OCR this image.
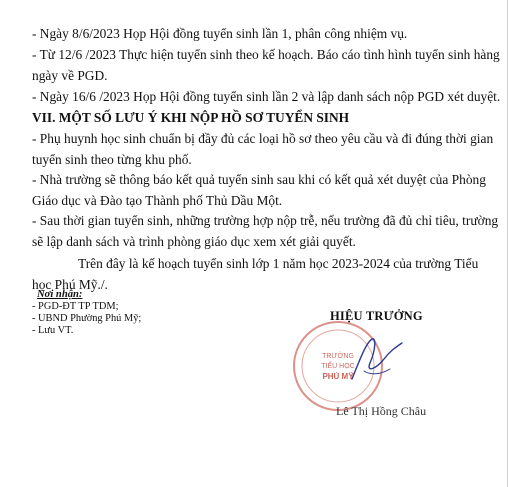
- Ngày 8/6/2023 Họp Hội đồng tuyển sinh lần 1, phân công nhiệm vụ.

- Từ 12/6 /2023 Thực hiện tuyển sinh theo kế hoạch. Báo cáo tình hình tuyển sinh hàng ngày về PGD.

- Ngày 16/6 /2023 Họp Hội đồng tuyển sinh lần 2 và lập danh sách nộp PGD xét duyệt.

VII. MỘT SỐ LƯU Ý KHI NỘP HỒ SƠ TUYỂN SINH

- Phụ huynh học sinh chuẩn bị đầy đủ các loại hồ sơ theo yêu cầu và đi đúng thời gian tuyển sinh theo từng khu phố.

- Nhà trường sẽ thông báo kết quả tuyển sinh sau khi có kết quả xét duyệt của Phòng Giáo dục và Đào tạo Thành phố Thủ Dầu Một.

- Sau thời gian tuyển sinh, những trường hợp nộp trễ, nếu trường đã đủ chỉ tiêu, trường sẽ lập danh sách và trình phòng giáo dục xem xét giải quyết.

Trên đây là kế hoạch tuyển sinh lớp 1 năm học 2023-2024 của trường Tiểu học Phú Mỹ./.

Nơi nhận:
- PGD-ĐT TP TDM;
- UBND Phường Phú Mỹ;
- Lưu VT.
HIỆU TRƯỞNG
TRƯỜNG
TIỂU HỌC
PHÚ MỸ
Lê Thị Hồng Châu
